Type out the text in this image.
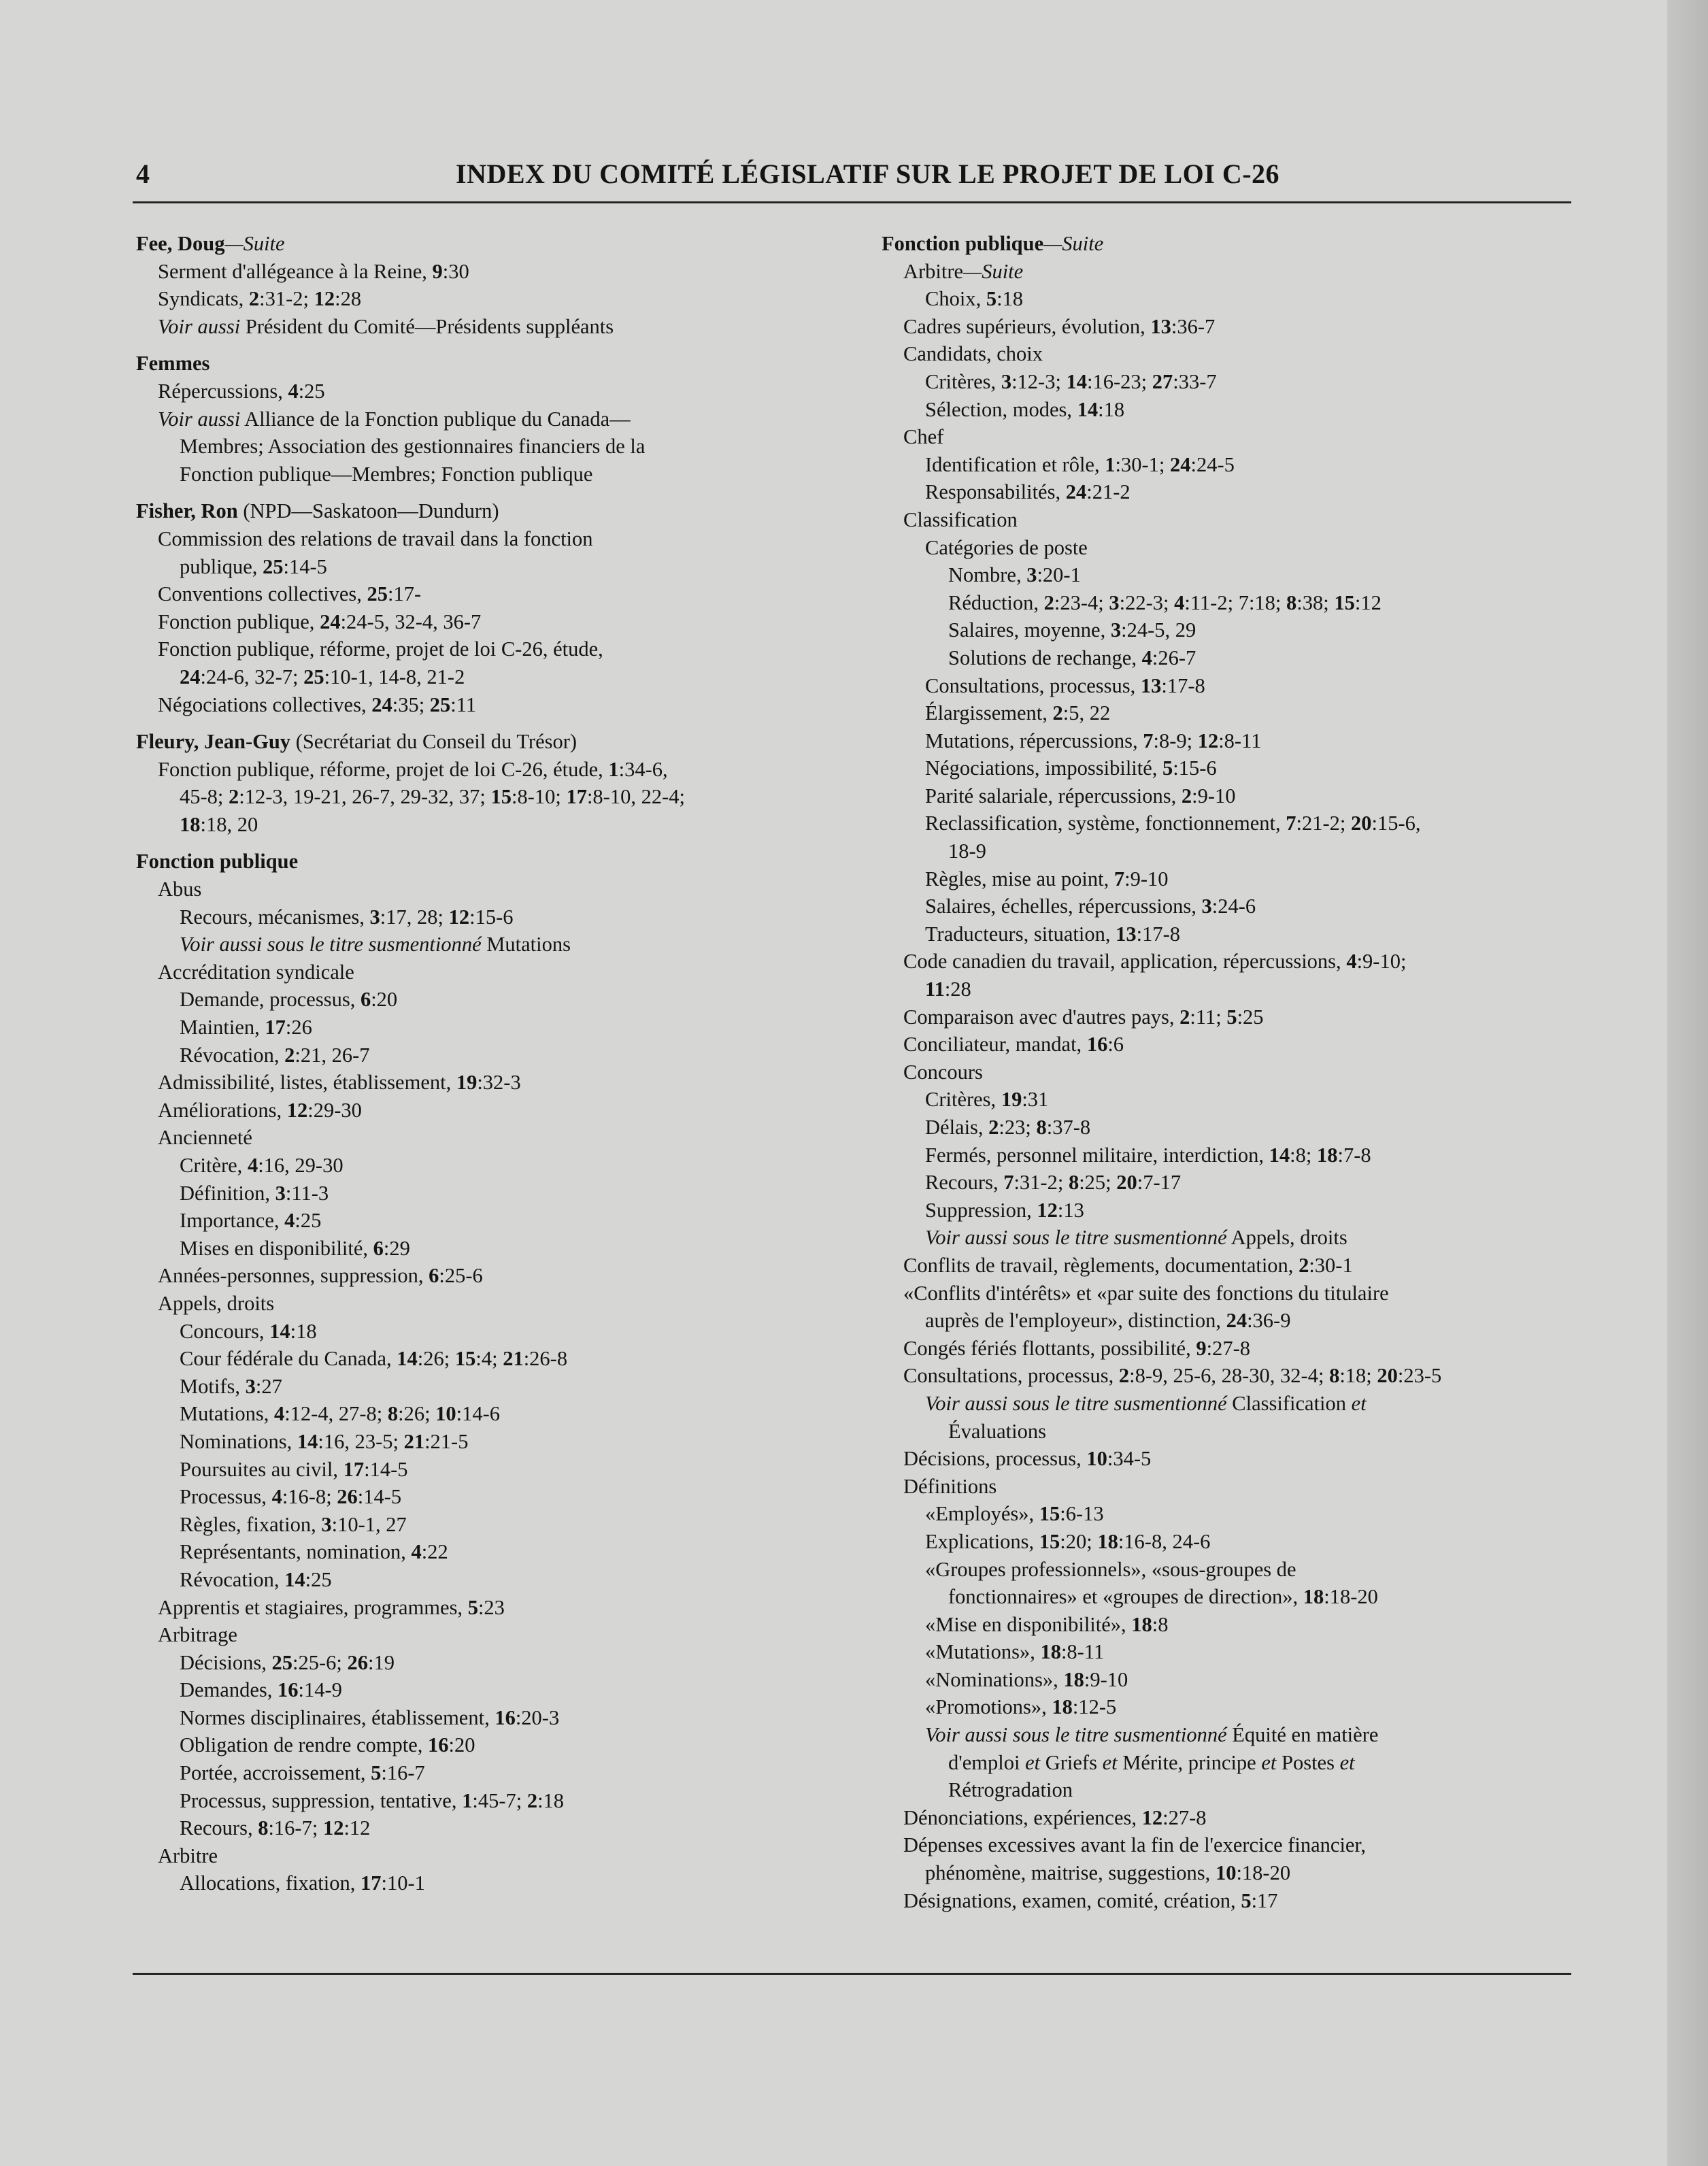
4	INDEX DU COMITÉ LÉGISLATIF SUR LE PROJET DE LOI C-26
Fee, Doug—Suite
Serment d'allégeance à la Reine, 9:30
Syndicats, 2:31-2; 12:28
Voir aussi Président du Comité—Présidents suppléants
Femmes
Répercussions, 4:25
Voir aussi Alliance de la Fonction publique du Canada—
Membres; Association des gestionnaires financiers de la
Fonction publique—Membres; Fonction publique
Fisher, Ron (NPD—Saskatoon—Dundurn)
Commission des relations de travail dans la fonction
publique, 25:14-5
Conventions collectives, 25:17-
Fonction publique, 24:24-5, 32-4, 36-7
Fonction publique, réforme, projet de loi C-26, étude,
24:24-6, 32-7; 25:10-1, 14-8, 21-2
Négociations collectives, 24:35; 25:11
Fleury, Jean-Guy (Secrétariat du Conseil du Trésor)
Fonction publique, réforme, projet de loi C-26, étude, 1:34-6,
45-8; 2:12-3, 19-21, 26-7, 29-32, 37; 15:8-10; 17:8-10, 22-4;
18:18, 20
Fonction publique
Abus
Recours, mécanismes, 3:17, 28; 12:15-6
Voir aussi sous le titre susmentionné Mutations
Accréditation syndicale
Demande, processus, 6:20
Maintien, 17:26
Révocation, 2:21, 26-7
Admissibilité, listes, établissement, 19:32-3
Améliorations, 12:29-30
Ancienneté
Critère, 4:16, 29-30
Définition, 3:11-3
Importance, 4:25
Mises en disponibilité, 6:29
Années-personnes, suppression, 6:25-6
Appels, droits
Concours, 14:18
Cour fédérale du Canada, 14:26; 15:4; 21:26-8
Motifs, 3:27
Mutations, 4:12-4, 27-8; 8:26; 10:14-6
Nominations, 14:16, 23-5; 21:21-5
Poursuites au civil, 17:14-5
Processus, 4:16-8; 26:14-5
Règles, fixation, 3:10-1, 27
Représentants, nomination, 4:22
Révocation, 14:25
Apprentis et stagiaires, programmes, 5:23
Arbitrage
Décisions, 25:25-6; 26:19
Demandes, 16:14-9
Normes disciplinaires, établissement, 16:20-3
Obligation de rendre compte, 16:20
Portée, accroissement, 5:16-7
Processus, suppression, tentative, 1:45-7; 2:18
Recours, 8:16-7; 12:12
Arbitre
Allocations, fixation, 17:10-1
Fonction publique—Suite
Arbitre—Suite
Choix, 5:18
Cadres supérieurs, évolution, 13:36-7
Candidats, choix
Critères, 3:12-3; 14:16-23; 27:33-7
Sélection, modes, 14:18
Chef
Identification et rôle, 1:30-1; 24:24-5
Responsabilités, 24:21-2
Classification
Catégories de poste
Nombre, 3:20-1
Réduction, 2:23-4; 3:22-3; 4:11-2; 7:18; 8:38; 15:12
Salaires, moyenne, 3:24-5, 29
Solutions de rechange, 4:26-7
Consultations, processus, 13:17-8
Élargissement, 2:5, 22
Mutations, répercussions, 7:8-9; 12:8-11
Négociations, impossibilité, 5:15-6
Parité salariale, répercussions, 2:9-10
Reclassification, système, fonctionnement, 7:21-2; 20:15-6,
18-9
Règles, mise au point, 7:9-10
Salaires, échelles, répercussions, 3:24-6
Traducteurs, situation, 13:17-8
Code canadien du travail, application, répercussions, 4:9-10;
11:28
Comparaison avec d'autres pays, 2:11; 5:25
Conciliateur, mandat, 16:6
Concours
Critères, 19:31
Délais, 2:23; 8:37-8
Fermés, personnel militaire, interdiction, 14:8; 18:7-8
Recours, 7:31-2; 8:25; 20:7-17
Suppression, 12:13
Voir aussi sous le titre susmentionné Appels, droits
Conflits de travail, règlements, documentation, 2:30-1
«Conflits d'intérêts» et «par suite des fonctions du titulaire
auprès de l'employeur», distinction, 24:36-9
Congés fériés flottants, possibilité, 9:27-8
Consultations, processus, 2:8-9, 25-6, 28-30, 32-4; 8:18; 20:23-5
Voir aussi sous le titre susmentionné Classification et
Évaluations
Décisions, processus, 10:34-5
Définitions
«Employés», 15:6-13
Explications, 15:20; 18:16-8, 24-6
«Groupes professionnels», «sous-groupes de
fonctionnaires» et «groupes de direction», 18:18-20
«Mise en disponibilité», 18:8
«Mutations», 18:8-11
«Nominations», 18:9-10
«Promotions», 18:12-5
Voir aussi sous le titre susmentionné Équité en matière
d'emploi et Griefs et Mérite, principe et Postes et
Rétrogradation
Dénonciations, expériences, 12:27-8
Dépenses excessives avant la fin de l'exercice financier,
phénomène, maitrise, suggestions, 10:18-20
Désignations, examen, comité, création, 5:17
